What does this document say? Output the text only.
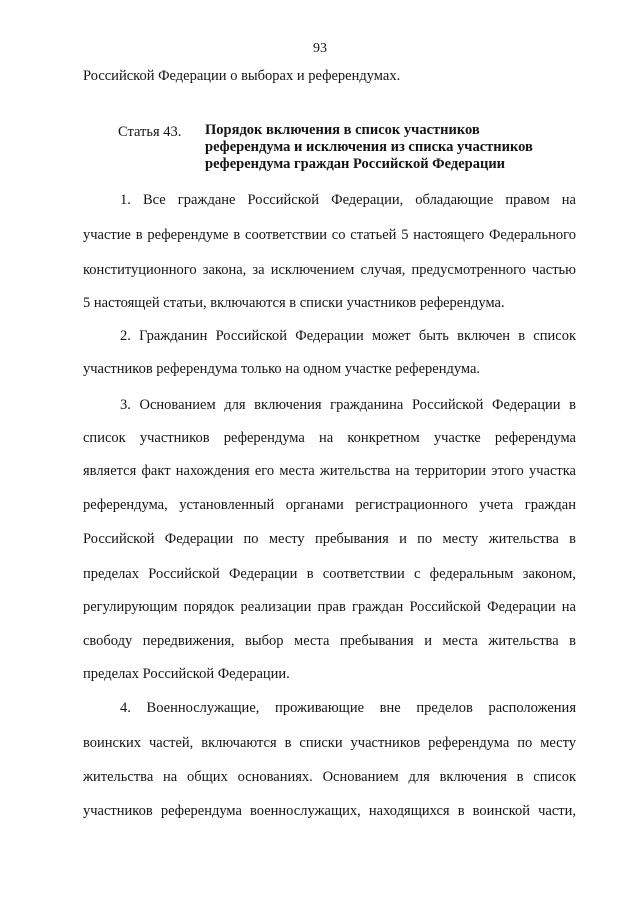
93
Российской Федерации о выборах и референдумах.
Статья 43. Порядок включения в список участников
референдума и исключения из списка участников
референдума граждан Российской Федерации
1. Все граждане Российской Федерации, обладающие правом на
участие в референдуме в соответствии со статьей 5 настоящего Федерального
конституционного закона, за исключением случая, предусмотренного частью
5 настоящей статьи, включаются в списки участников референдума.
2. Гражданин Российской Федерации может быть включен в список
участников референдума только на одном участке референдума.
3. Основанием для включения гражданина Российской Федерации в
список участников референдума на конкретном участке референдума
является факт нахождения его места жительства на территории этого участка
референдума, установленный органами регистрационного учета граждан
Российской Федерации по месту пребывания и по месту жительства в
пределах Российской Федерации в соответствии с федеральным законом,
регулирующим порядок реализации прав граждан Российской Федерации на
свободу передвижения, выбор места пребывания и места жительства в
пределах Российской Федерации.
4. Военнослужащие, проживающие вне пределов расположения
воинских частей, включаются в списки участников референдума по месту
жительства на общих основаниях. Основанием для включения в список
участников референдума военнослужащих, находящихся в воинской части,
